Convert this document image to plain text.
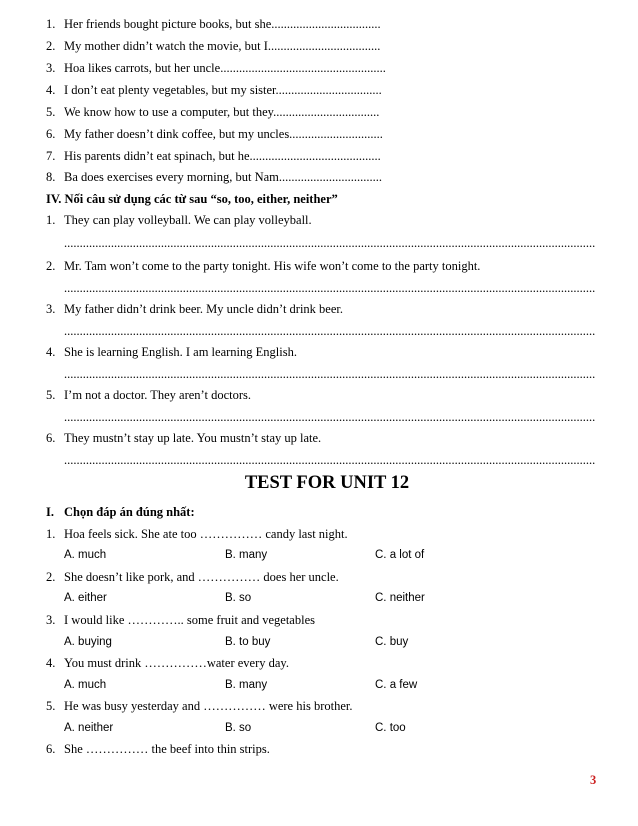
1. Her friends bought picture books, but she...................................
2. My mother didn’t watch the movie, but I....................................
3. Hoa likes carrots, but her uncle.....................................................
4. I don’t eat plenty vegetables, but my sister..................................
5. We know how to use a computer, but they..................................
6. My father doesn’t dink coffee, but my uncles..............................
7. His parents didn’t eat spinach, but he..........................................
8. Ba does exercises every morning, but Nam.................................
IV. Nối câu sử dụng các từ sau “so, too, either, neither”
1. They can play volleyball. We can play volleyball.
..........................................................................................................................................................................
2. Mr. Tam won’t come to the party tonight. His wife won’t come to the party tonight.
..........................................................................................................................................................................
3. My father didn’t drink beer. My uncle didn’t drink beer.
..........................................................................................................................................................................
4. She is learning English. I am learning English.
..........................................................................................................................................................................
5. I’m not a doctor. They aren’t doctors.
..........................................................................................................................................................................
6. They mustn’t stay up late. You mustn’t stay up late.
..........................................................................................................................................................................
TEST FOR UNIT 12
I. Chọn đáp án đúng nhất:
1. Hoa feels sick. She ate too …………… candy last night.
A. much	B. many	C. a lot of
2. She doesn’t like pork, and …………… does her uncle.
A. either	B. so	C. neither
3. I would like ………….. some fruit and vegetables
A. buying	B. to buy	C. buy
4. You must drink ……………water every day.
A. much	B. many	C. a few
5. He was busy yesterday and …………… were his brother.
A. neither	B. so	C. too
6. She …………… the beef into thin strips.
3
